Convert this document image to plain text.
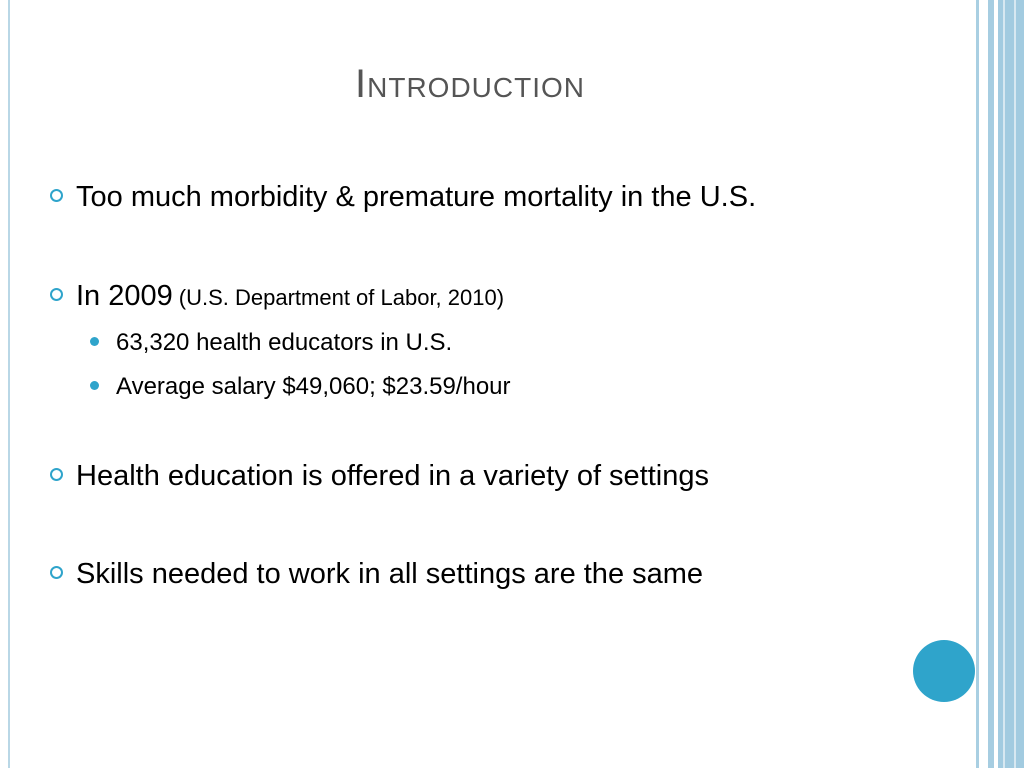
Introduction
Too much morbidity & premature mortality in the U.S.
In 2009 (U.S. Department of Labor, 2010)
63,320 health educators in U.S.
Average salary $49,060; $23.59/hour
Health education is offered in a variety of settings
Skills needed to work in all settings are the same
